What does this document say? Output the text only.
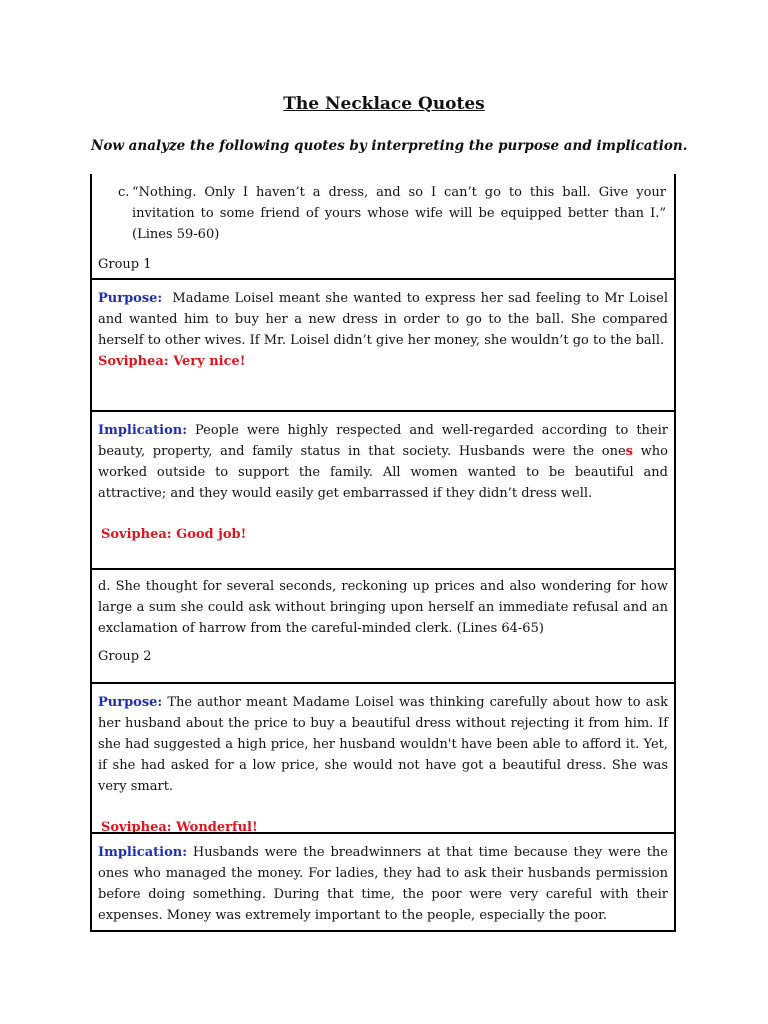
The Necklace Quotes

Now analyze the following quotes by interpreting the purpose and implication.

c. “Nothing. Only I haven’t a dress, and so I can’t go to this ball. Give your invitation to some friend of yours whose wife will be equipped better than I.” (Lines 59-60)
Group 1
Purpose: Madame Loisel meant she wanted to express her sad feeling to Mr Loisel and wanted him to buy her a new dress in order to go to the ball. She compared herself to other wives. If Mr. Loisel didn’t give her money, she wouldn’t go to the ball.
Soviphea: Very nice!
Implication: People were highly respected and well-regarded according to their beauty, property, and family status in that society. Husbands were the ones who worked outside to support the family. All women wanted to be beautiful and attractive; and they would easily get embarrassed if they didn’t dress well.
Soviphea: Good job!
d. She thought for several seconds, reckoning up prices and also wondering for how large a sum she could ask without bringing upon herself an immediate refusal and an exclamation of harrow from the careful-minded clerk. (Lines 64-65)
Group 2
Purpose: The author meant Madame Loisel was thinking carefully about how to ask her husband about the price to buy a beautiful dress without rejecting it from him. If she had suggested a high price, her husband wouldn't have been able to afford it. Yet, if she had asked for a low price, she would not have got a beautiful dress. She was very smart.
Soviphea: Wonderful!
Implication: Husbands were the breadwinners at that time because they were the ones who managed the money. For ladies, they had to ask their husbands permission before doing something. During that time, the poor were very careful with their expenses. Money was extremely important to the people, especially the poor.
